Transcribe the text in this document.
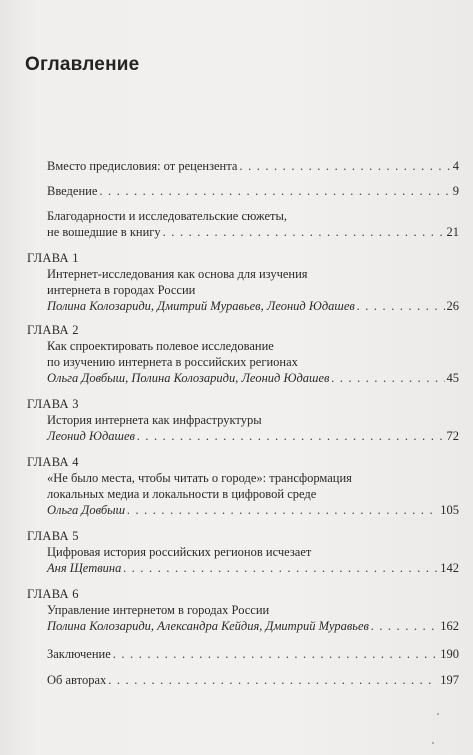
Оглавление
Вместо предисловия: от рецензента . . .	4
Введение . . .	9
Благодарности и исследовательские сюжеты,
не вошедшие в книгу . . .	21
ГЛАВА 1
Интернет-исследования как основа для изучения
интернета в городах России
Полина Колозариди, Дмитрий Муравьев, Леонид Юдашев . . .	26
ГЛАВА 2
Как спроектировать полевое исследование
по изучению интернета в российских регионах
Ольга Довбыш, Полина Колозариди, Леонид Юдашев . . .	45
ГЛАВА 3
История интернета как инфраструктуры
Леонид Юдашев . . .	72
ГЛАВА 4
«Не было места, чтобы читать о городе»: трансформация
локальных медиа и локальности в цифровой среде
Ольга Довбыш . . .	105
ГЛАВА 5
Цифровая история российских регионов исчезает
Аня Щетвина . . .	142
ГЛАВА 6
Управление интернетом в городах России
Полина Колозариди, Александра Кейдия, Дмитрий Муравьев . . .	162
Заключение . . .	190
Об авторах . . .	197
